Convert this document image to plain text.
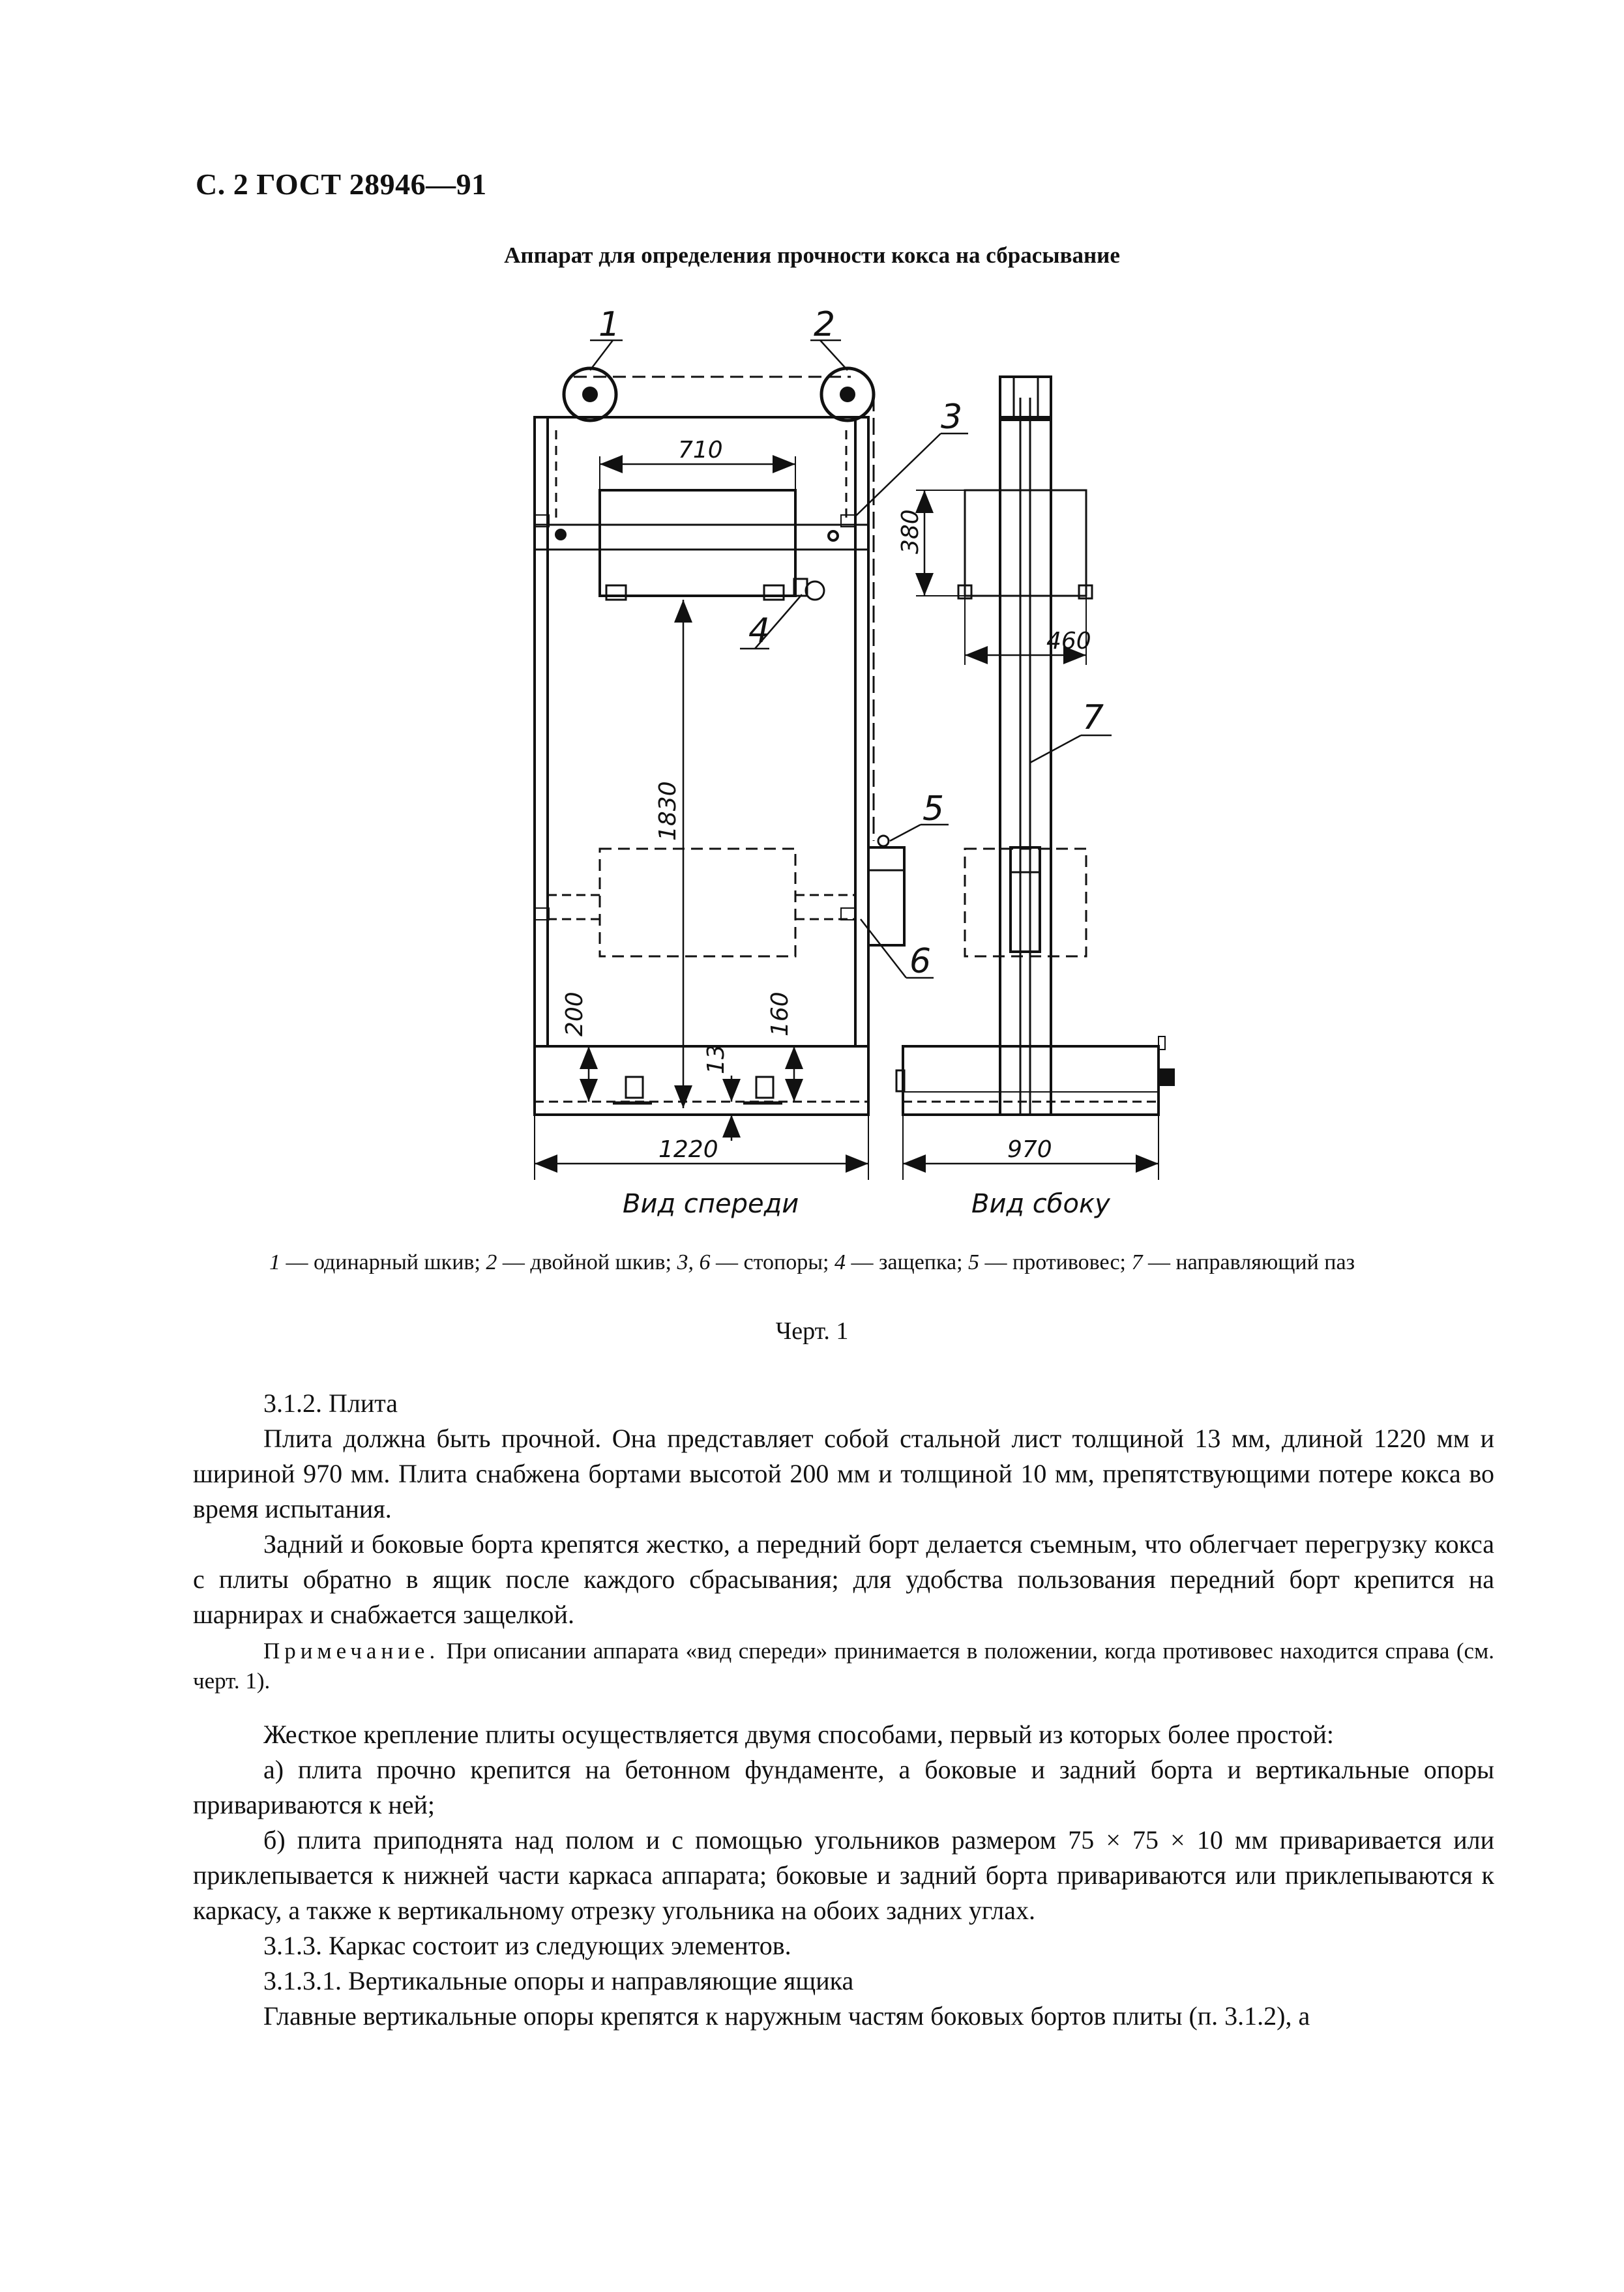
С. 2 ГОСТ 28946—91
Аппарат для определения прочности кокса на сбрасывание
710
380
460
1830
200	160
13
1220	970
1	2
3
4
5
6
7
Вид спереди	Вид сбоку
1 — одинарный шкив; 2 — двойной шкив; 3, 6 — стопоры; 4 — защепка; 5 — противовес; 7 — направляющий паз
Черт. 1

3.1.2. Плита

Плита должна быть прочной. Она представляет собой стальной лист толщиной 13 мм, длиной 1220 мм и шириной 970 мм. Плита снабжена бортами высотой 200 мм и толщиной 10 мм, препятствующими потере кокса во время испытания.

Задний и боковые борта крепятся жестко, а передний борт делается съемным, что облегчает перегрузку кокса с плиты обратно в ящик после каждого сбрасывания; для удобства пользования передний борт крепится на шарнирах и снабжается защелкой.

Примечание. При описании аппарата «вид спереди» принимается в положении, когда противовес находится справа (см. черт. 1).

Жесткое крепление плиты осуществляется двумя способами, первый из которых более простой:

а) плита прочно крепится на бетонном фундаменте, а боковые и задний борта и вертикальные опоры привариваются к ней;

б) плита приподнята над полом и с помощью угольников размером 75 × 75 × 10 мм приваривается или приклепывается к нижней части каркаса аппарата; боковые и задний борта привариваются или приклепываются к каркасу, а также к вертикальному отрезку угольника на обоих задних углах.

3.1.3. Каркас состоит из следующих элементов.

3.1.3.1. Вертикальные опоры и направляющие ящика

Главные вертикальные опоры крепятся к наружным частям боковых бортов плиты (п. 3.1.2), а
